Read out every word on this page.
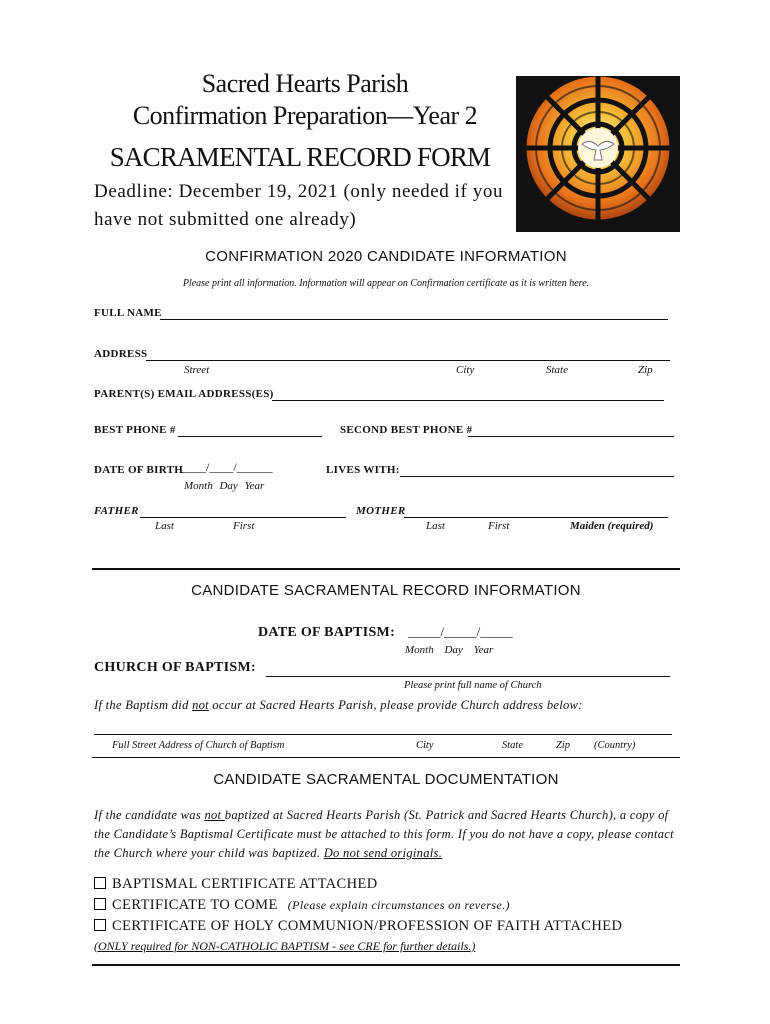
Sacred Hearts Parish
Confirmation Preparation—Year 2
SACRAMENTAL RECORD FORM
Deadline: December 19, 2021 (only needed if you have not submitted one already)
CONFIRMATION 2020 CANDIDATE INFORMATION
Please print all information. Information will appear on Confirmation certificate as it is written here.
FULL NAME
ADDRESS
Street	City	State	Zip
PARENT(S) EMAIL ADDRESS(ES)
BEST PHONE #	SECOND BEST PHONE #
DATE OF BIRTH
____/____/______
Month Day Year
LIVES WITH:
FATHER
Last	First
MOTHER
Last	First	Maiden (required)
CANDIDATE SACRAMENTAL RECORD INFORMATION
DATE OF BAPTISM: _____/_____/_____
Month Day Year
CHURCH OF BAPTISM:
Please print full name of Church
If the Baptism did not occur at Sacred Hearts Parish, please provide Church address below:
Full Street Address of Church of Baptism	City	State	Zip (Country)
CANDIDATE SACRAMENTAL DOCUMENTATION
If the candidate was not baptized at Sacred Hearts Parish (St. Patrick and Sacred Hearts Church), a copy of the Candidate’s Baptismal Certificate must be attached to this form. If you do not have a copy, please contact the Church where your child was baptized. Do not send originals.
BAPTISMAL CERTIFICATE ATTACHED
CERTIFICATE TO COME (Please explain circumstances on reverse.)
CERTIFICATE OF HOLY COMMUNION/PROFESSION OF FAITH ATTACHED
(ONLY required for NON-CATHOLIC BAPTISM - see CRE for further details.)
